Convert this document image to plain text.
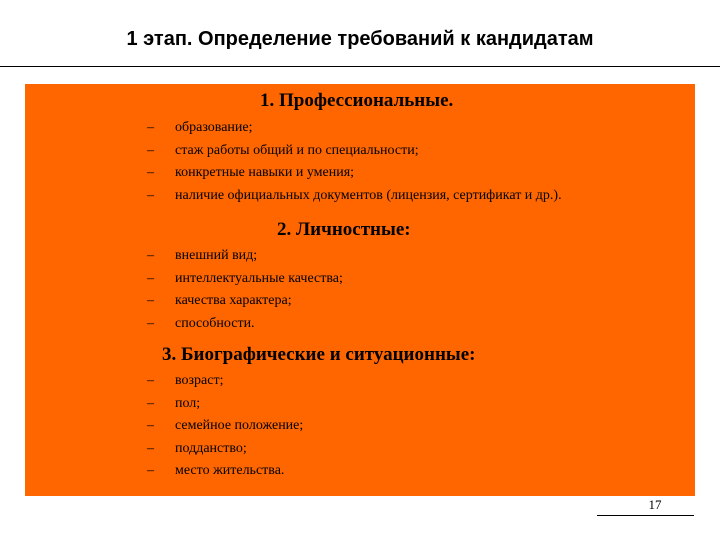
1 этап. Определение требований к кандидатам
1. Профессиональные.
– образование;
– стаж работы общий и по специальности;
– конкретные навыки и умения;
– наличие официальных документов (лицензия, сертификат и др.).
2. Личностные:
– внешний вид;
– интеллектуальные качества;
– качества характера;
– способности.
3. Биографические и ситуационные:
– возраст;
– пол;
– семейное положение;
– подданство;
– место жительства.
17
